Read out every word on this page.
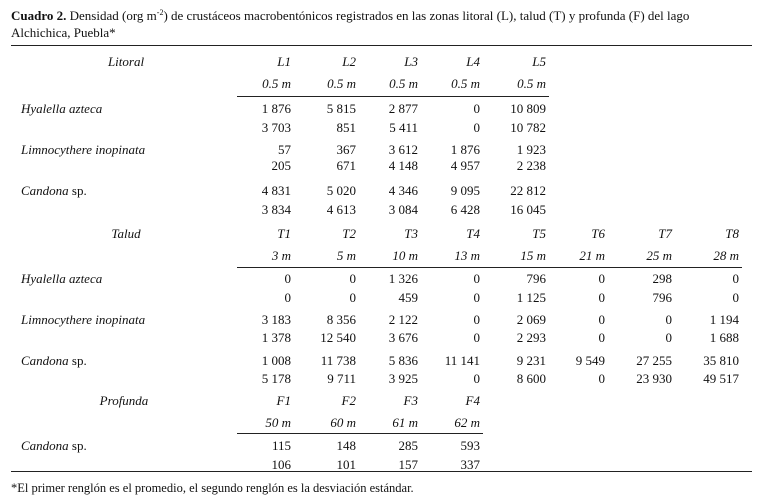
Cuadro 2. Densidad (org $m^{-2}$) de crustáceos macrobentónicos registrados en las zonas litoral (L), talud (T) y profunda (F) del lago Alchichica, Puebla*
Litoral	L1	L2	L3	L4	L5
0.5 m	0.5 m	0.5 m	0.5 m	0.5 m
Hyalella azteca	1 876	5 815	2 877	0	10 809
3 703	851	5 411	0	10 782
Limnocythere inopinata	57	367	3 612	1 876	1 923
205	671	4 148	4 957	2 238
Candona sp.	4 831	5 020	4 346	9 095	22 812
3 834	4 613	3 084	6 428	16 045
Talud	T1	T2	T3	T4	T5	T6	T7	T8
3 m	5 m	10 m	13 m	15 m	21 m	25 m	28 m
Hyalella azteca	0	0	1 326	0	796	0	298	0
0	0	459	0	1 125	0	796	0
Limnocythere inopinata	3 183	8 356	2 122	0	2 069	0	0	1 194
1 378	12 540	3 676	0	2 293	0	0	1 688
Candona sp.	1 008	11 738	5 836	11 141	9 231	9 549	27 255	35 810
5 178	9 711	3 925	0	8 600	0	23 930	49 517
Profunda	F1	F2	F3	F4
50 m	60 m	61 m	62 m
Candona sp.	115	148	285	593
106	101	157	337
*El primer renglón es el promedio, el segundo renglón es la desviación estándar.
